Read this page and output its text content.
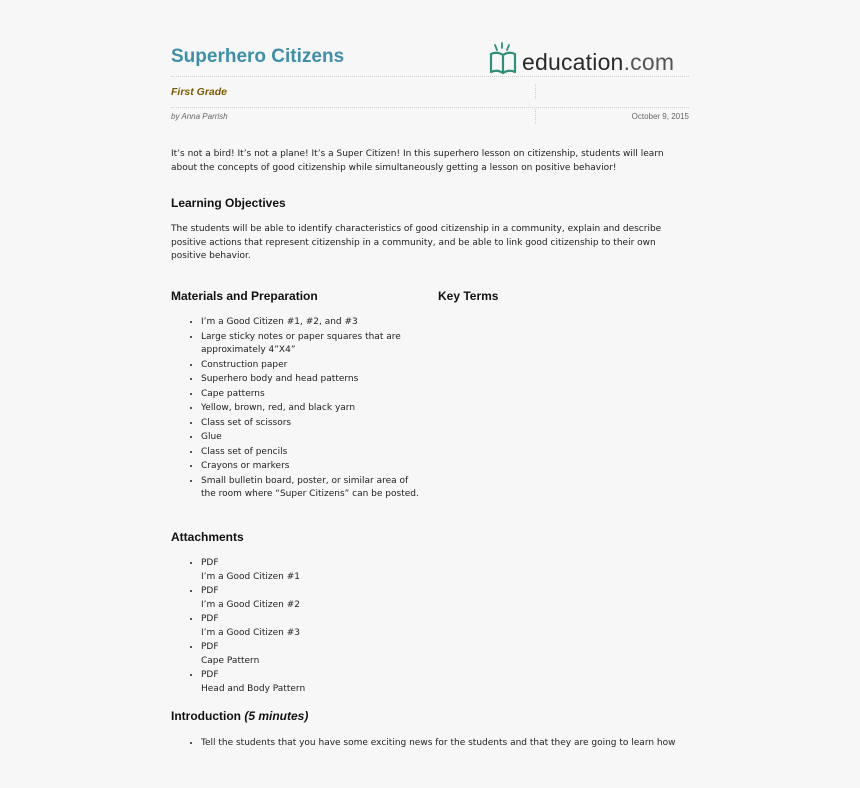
Superhero Citizens	education.com
First Grade
by Anna Parrish	October 9, 2015

It’s not a bird! It’s not a plane! It’s a Super Citizen! In this superhero lesson on citizenship, students will learn about the concepts of good citizenship while simultaneously getting a lesson on positive behavior!

Learning Objectives

The students will be able to identify characteristics of good citizenship in a community, explain and describe positive actions that represent citizenship in a community, and be able to link good citizenship to their own positive behavior.

Materials and Preparation	Key Terms
• I’m a Good Citizen #1, #2, and #3
• Large sticky notes or paper squares that are approximately 4”X4”
• Construction paper
• Superhero body and head patterns
• Cape patterns
• Yellow, brown, red, and black yarn
• Class set of scissors
• Glue
• Class set of pencils
• Crayons or markers
• Small bulletin board, poster, or similar area of the room where “Super Citizens” can be posted.
Attachments
• PDF
I’m a Good Citizen #1
• PDF
I’m a Good Citizen #2
• PDF
I’m a Good Citizen #3
• PDF
Cape Pattern
• PDF
Head and Body Pattern
Introduction (5 minutes)
• Tell the students that you have some exciting news for the students and that they are going to learn how
